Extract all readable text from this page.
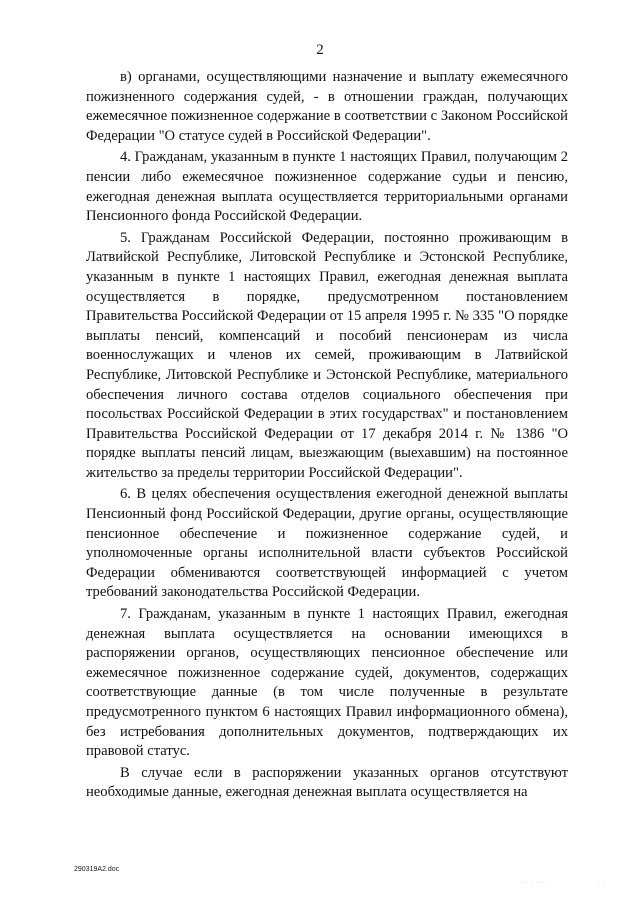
2

в) органами, осуществляющими назначение и выплату ежемесячного пожизненного содержания судей, - в отношении граждан, получающих ежемесячное пожизненное содержание в соответствии с Законом Российской Федерации "О статусе судей в Российской Федерации".

4. Гражданам, указанным в пункте 1 настоящих Правил, получающим 2 пенсии либо ежемесячное пожизненное содержание судьи и пенсию, ежегодная денежная выплата осуществляется территориальными органами Пенсионного фонда Российской Федерации.

5. Гражданам Российской Федерации, постоянно проживающим в Латвийской Республике, Литовской Республике и Эстонской Республике, указанным в пункте 1 настоящих Правил, ежегодная денежная выплата осуществляется в порядке, предусмотренном постановлением Правительства Российской Федерации от 15 апреля 1995 г. № 335 "О порядке выплаты пенсий, компенсаций и пособий пенсионерам из числа военнослужащих и членов их семей, проживающим в Латвийской Республике, Литовской Республике и Эстонской Республике, материального обеспечения личного состава отделов социального обеспечения при посольствах Российской Федерации в этих государствах" и постановлением Правительства Российской Федерации от 17 декабря 2014 г. № 1386 "О порядке выплаты пенсий лицам, выезжающим (выехавшим) на постоянное жительство за пределы территории Российской Федерации".

6. В целях обеспечения осуществления ежегодной денежной выплаты Пенсионный фонд Российской Федерации, другие органы, осуществляющие пенсионное обеспечение и пожизненное содержание судей, и уполномоченные органы исполнительной власти субъектов Российской Федерации обмениваются соответствующей информацией с учетом требований законодательства Российской Федерации.

7. Гражданам, указанным в пункте 1 настоящих Правил, ежегодная денежная выплата осуществляется на основании имеющихся в распоряжении органов, осуществляющих пенсионное обеспечение или ежемесячное пожизненное содержание судей, документов, содержащих соответствующие данные (в том числе полученные в результате предусмотренного пунктом 6 настоящих Правил информационного обмена), без истребования дополнительных документов, подтверждающих их правовой статус.

В случае если в распоряжении указанных органов отсутствуют необходимые данные, ежегодная денежная выплата осуществляется на

290319A2.doc
· · · · · ·	· ·
